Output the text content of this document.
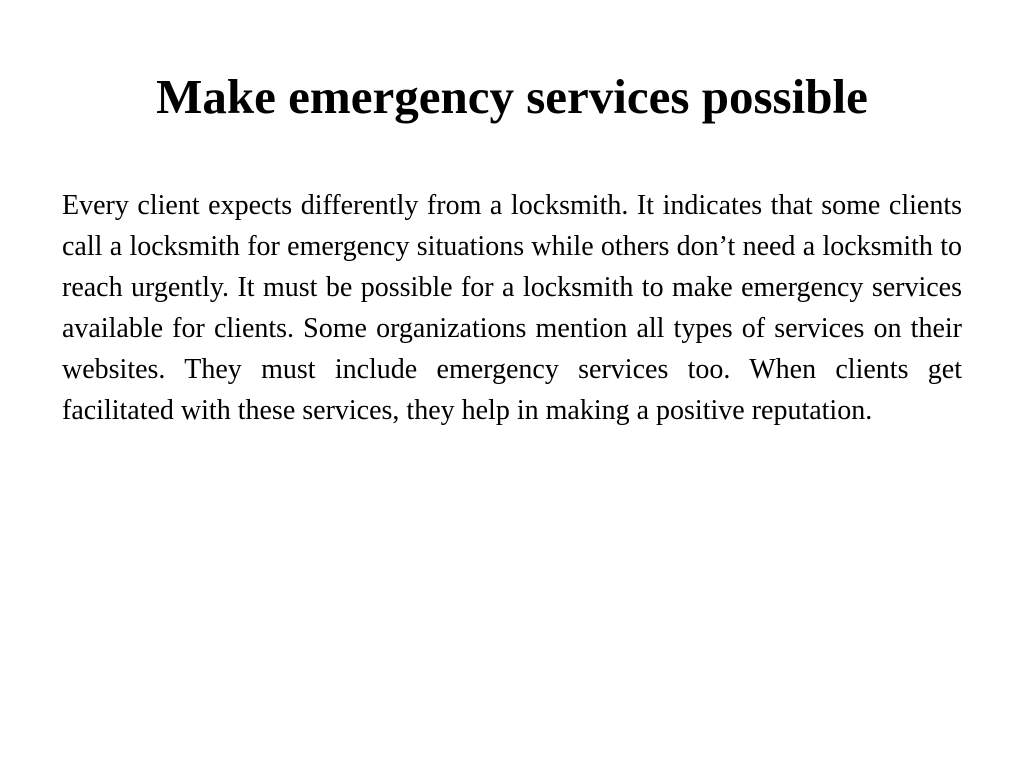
Make emergency services possible

Every client expects differently from a locksmith. It indicates that some clients call a locksmith for emergency situations while others don’t need a locksmith to reach urgently. It must be possible for a locksmith to make emergency services available for clients. Some organizations mention all types of services on their websites. They must include emergency services too. When clients get facilitated with these services, they help in making a positive reputation.
